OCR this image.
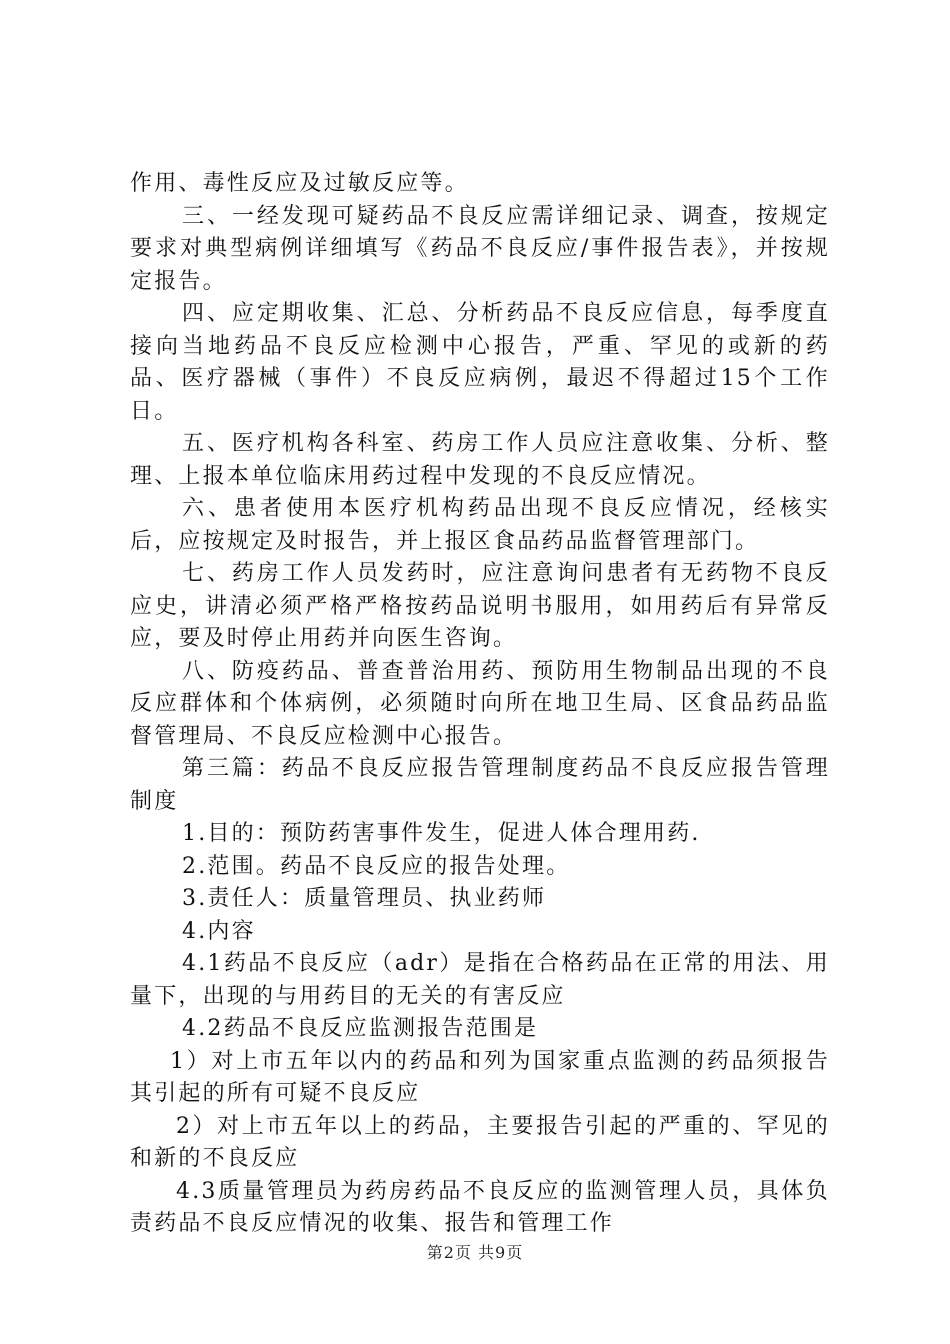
作用、毒性反应及过敏反应等。

三、一经发现可疑药品不良反应需详细记录、调查，按规定要求对典型病例详细填写《药品不良反应/事件报告表》，并按规定报告。

四、应定期收集、汇总、分析药品不良反应信息，每季度直接向当地药品不良反应检测中心报告，严重、罕见的或新的药品、医疗器械（事件）不良反应病例，最迟不得超过15个工作日。

五、医疗机构各科室、药房工作人员应注意收集、分析、整理、上报本单位临床用药过程中发现的不良反应情况。

六、患者使用本医疗机构药品出现不良反应情况，经核实后，应按规定及时报告，并上报区食品药品监督管理部门。

七、药房工作人员发药时，应注意询问患者有无药物不良反应史，讲清必须严格严格按药品说明书服用，如用药后有异常反应，要及时停止用药并向医生咨询。

八、防疫药品、普查普治用药、预防用生物制品出现的不良反应群体和个体病例，必须随时向所在地卫生局、区食品药品监督管理局、不良反应检测中心报告。

第三篇：药品不良反应报告管理制度药品不良反应报告管理制度

1.目的：预防药害事件发生，促进人体合理用药.

2.范围。药品不良反应的报告处理。

3.责任人：质量管理员、执业药师

4.内容

4.1药品不良反应（adr）是指在合格药品在正常的用法、用量下，出现的与用药目的无关的有害反应

4.2药品不良反应监测报告范围是

1）对上市五年以内的药品和列为国家重点监测的药品须报告其引起的所有可疑不良反应

2）对上市五年以上的药品，主要报告引起的严重的、罕见的和新的不良反应

4.3质量管理员为药房药品不良反应的监测管理人员，具体负责药品不良反应情况的收集、报告和管理工作

第2页 共9页
